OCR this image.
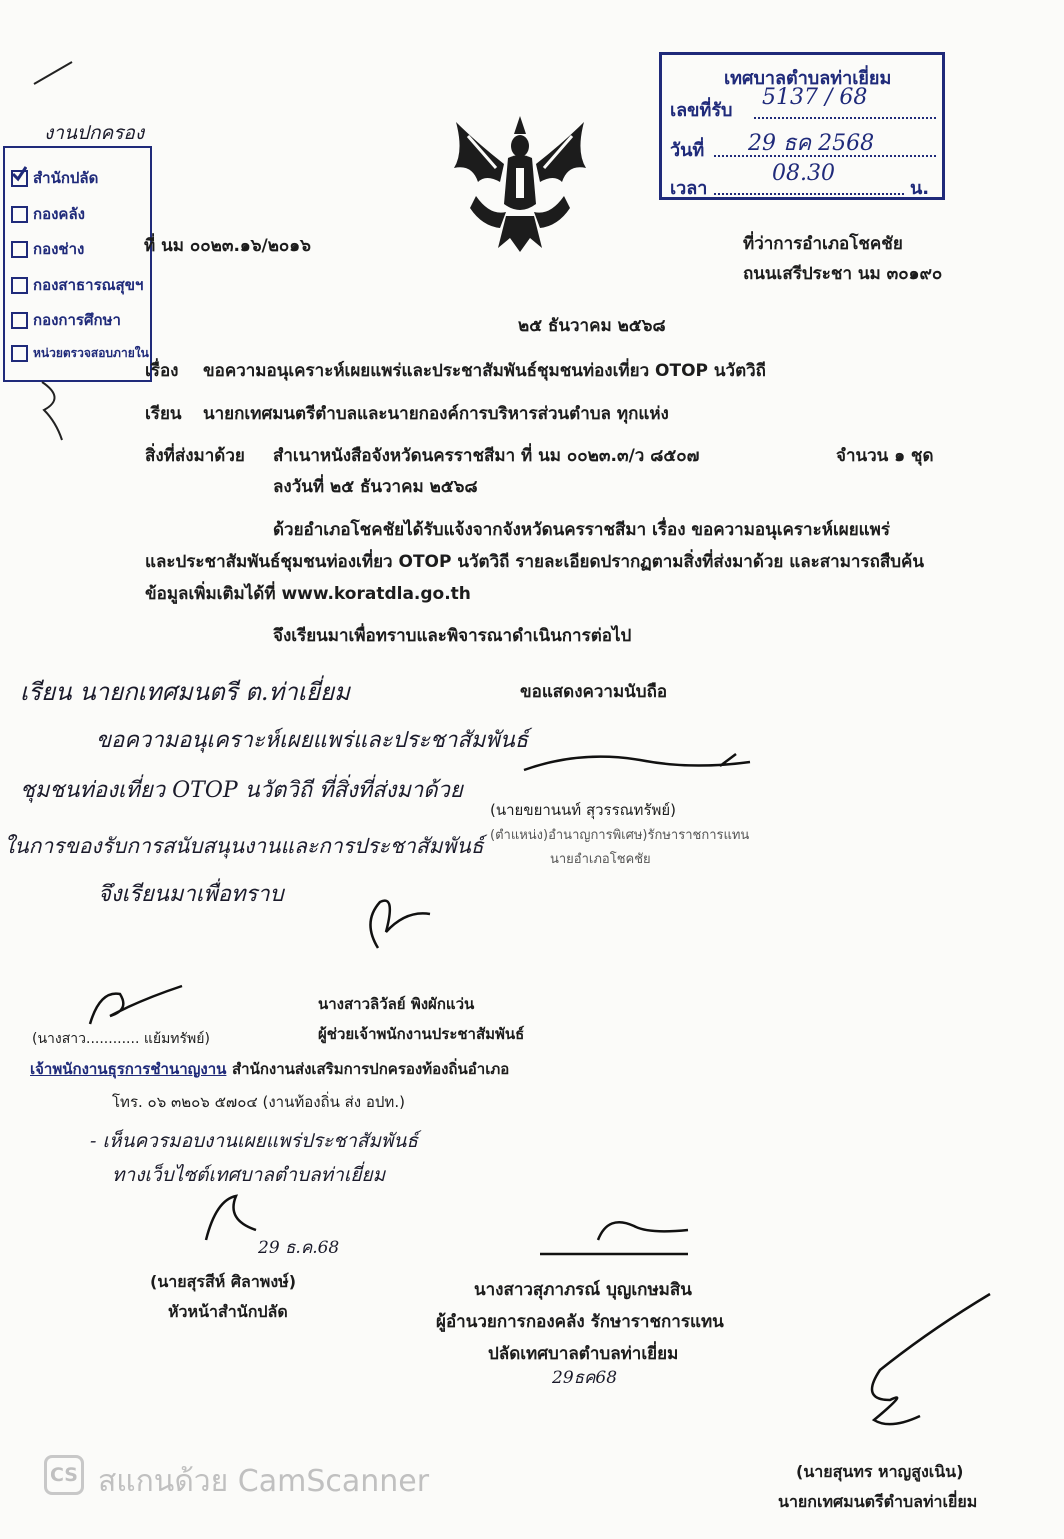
เทศบาลตำบลท่าเยี่ยม
เลขที่รับ
5137 / 68
วันที่ 29 ธค 2568
เวลา
08.30
น.
งานปกครอง
สำนักปลัด
กองคลัง
กองช่าง
กองสาธารณสุขฯ
กองการศึกษา
หน่วยตรวจสอบภายใน
ที่ นม ๐๐๒๓.๑๖/๒๐๑๖	ที่ว่าการอำเภอโชคชัย
ถนนเสรีประชา นม ๓๐๑๙๐
๒๕ ธันวาคม ๒๕๖๘
เรื่อง ขอความอนุเคราะห์เผยแพร่และประชาสัมพันธ์ชุมชนท่องเที่ยว OTOP นวัตวิถี
เรียน นายกเทศมนตรีตำบลและนายกองค์การบริหารส่วนตำบล ทุกแห่ง
สิ่งที่ส่งมาด้วย สำเนาหนังสือจังหวัดนครราชสีมา ที่ นม ๐๐๒๓.๓/ว ๘๕๐๗	จำนวน ๑ ชุด
ลงวันที่ ๒๕ ธันวาคม ๒๕๖๘
ด้วยอำเภอโชคชัยได้รับแจ้งจากจังหวัดนครราชสีมา เรื่อง ขอความอนุเคราะห์เผยแพร่
และประชาสัมพันธ์ชุมชนท่องเที่ยว OTOP นวัตวิถี รายละเอียดปรากฏตามสิ่งที่ส่งมาด้วย และสามารถสืบค้น
ข้อมูลเพิ่มเติมได้ที่ www.koratdla.go.th
จึงเรียนมาเพื่อทราบและพิจารณาดำเนินการต่อไป
ขอแสดงความนับถือ
เรียน นายกเทศมนตรี ต.ท่าเยี่ยม
ขอความอนุเคราะห์เผยแพร่และประชาสัมพันธ์
ชุมชนท่องเที่ยว OTOP นวัตวิถี ที่สิ่งที่ส่งมาด้วย
ในการของรับการสนับสนุนงานและการประชาสัมพันธ์
จึงเรียนมาเพื่อทราบ
(นายขยานนท์ สุวรรณทรัพย์)
(ตำแหน่ง)อำนาญการพิเศษ)รักษาราชการแทน
นายอำเภอโชคชัย
(นางสาว............ แย้มทรัพย์)
เจ้าพนักงานธุรการชำนาญงาน
นางสาวลิวัลย์ พิงผักแว่น
ผู้ช่วยเจ้าพนักงานประชาสัมพันธ์
สำนักงานส่งเสริมการปกครองท้องถิ่นอำเภอ
โทร. ๐๖ ๓๒๐๖ ๕๗๐๔ (งานท้องถิ่น ส่ง อปท.)
- เห็นควรมอบงานเผยแพร่ประชาสัมพันธ์
ทางเว็บไซต์เทศบาลตำบลท่าเยี่ยม
29 ธ.ค.68
(นายสุรสีห์ ศิลาพงษ์)
หัวหน้าสำนักปลัด
นางสาวสุภาภรณ์ บุญเกษมสิน
ผู้อำนวยการกองคลัง รักษาราชการแทน
ปลัดเทศบาลตำบลท่าเยี่ยม
29ธค68
(นายสุนทร หาญสูงเนิน)
นายกเทศมนตรีตำบลท่าเยี่ยม
CS สแกนด้วย CamScanner
